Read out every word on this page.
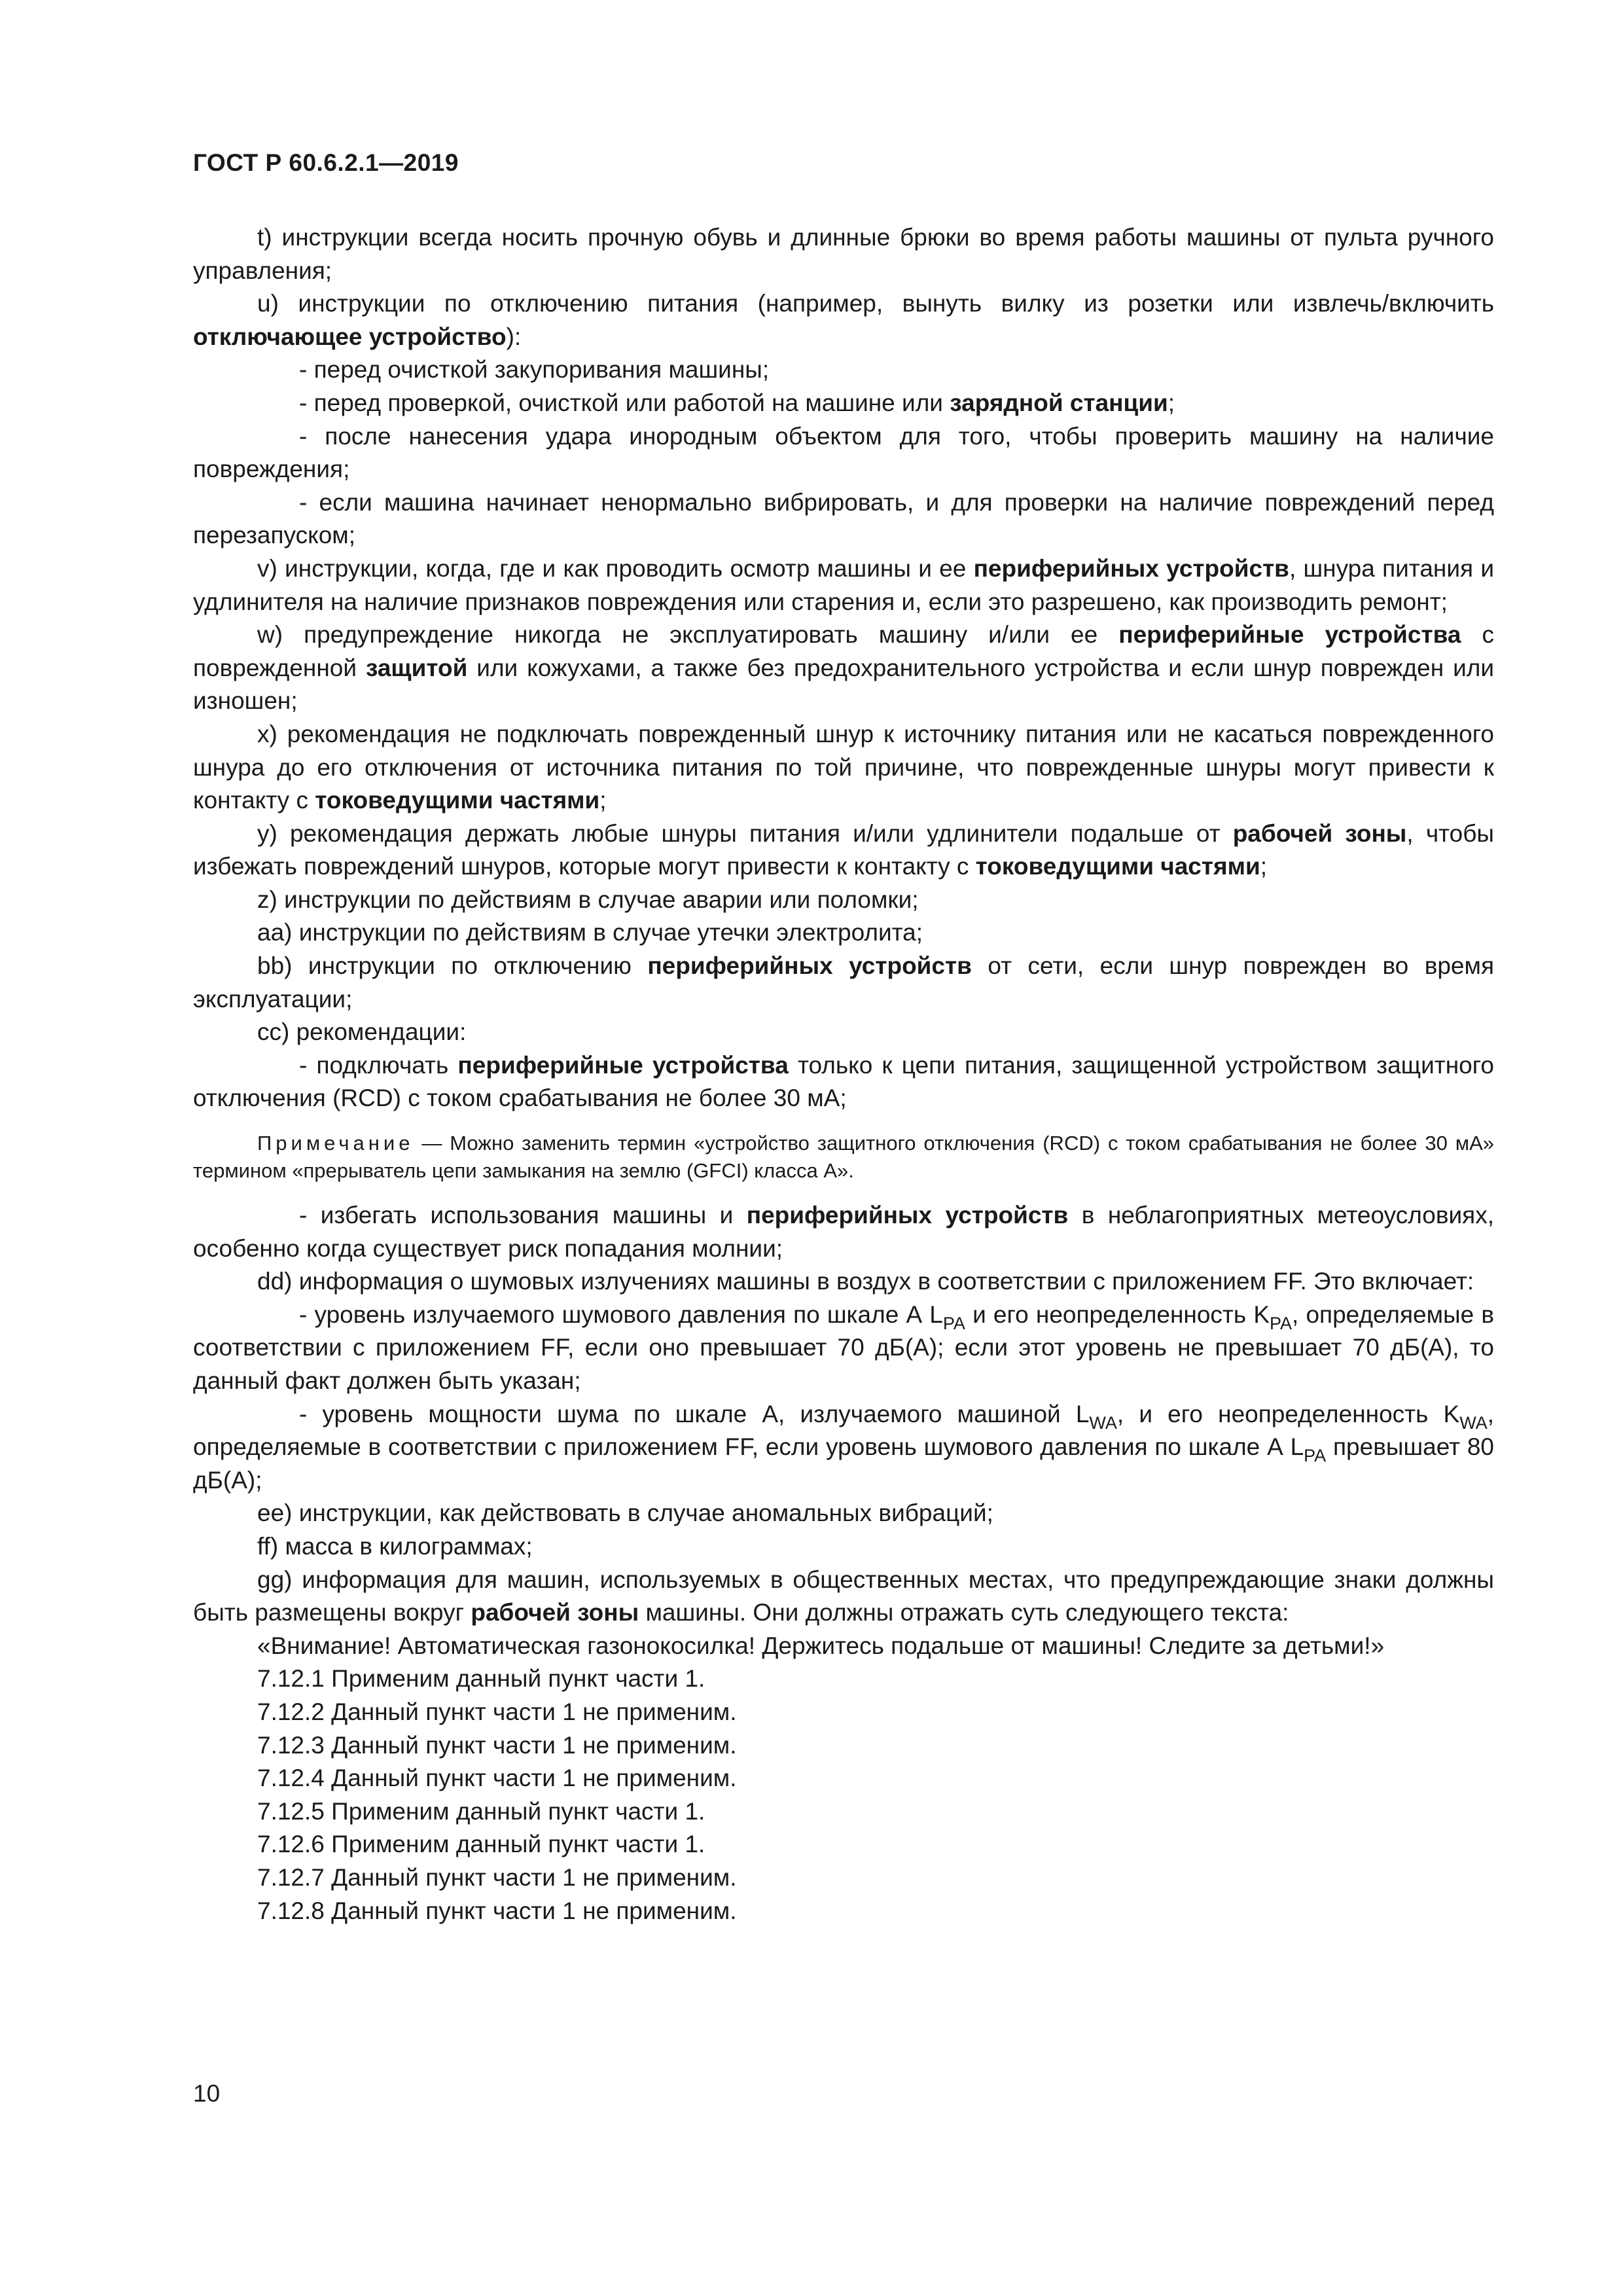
ГОСТ Р 60.6.2.1—2019

t) инструкции всегда носить прочную обувь и длинные брюки во время работы машины от пульта ручного управления;

u) инструкции по отключению питания (например, вынуть вилку из розетки или извлечь/включить отключающее устройство):

- перед очисткой закупоривания машины;

- перед проверкой, очисткой или работой на машине или зарядной станции;

- после нанесения удара инородным объектом для того, чтобы проверить машину на наличие повреждения;

- если машина начинает ненормально вибрировать, и для проверки на наличие повреждений перед перезапуском;

v) инструкции, когда, где и как проводить осмотр машины и ее периферийных устройств, шнура питания и удлинителя на наличие признаков повреждения или старения и, если это разрешено, как производить ремонт;

w) предупреждение никогда не эксплуатировать машину и/или ее периферийные устройства с поврежденной защитой или кожухами, а также без предохранительного устройства и если шнур поврежден или изношен;

x) рекомендация не подключать поврежденный шнур к источнику питания или не касаться поврежденного шнура до его отключения от источника питания по той причине, что поврежденные шнуры могут привести к контакту с токоведущими частями;

y) рекомендация держать любые шнуры питания и/или удлинители подальше от рабочей зоны, чтобы избежать повреждений шнуров, которые могут привести к контакту с токоведущими частями;

z) инструкции по действиям в случае аварии или поломки;

aa) инструкции по действиям в случае утечки электролита;

bb) инструкции по отключению периферийных устройств от сети, если шнур поврежден во время эксплуатации;

cc) рекомендации:

- подключать периферийные устройства только к цепи питания, защищенной устройством защитного отключения (RCD) с током срабатывания не более 30 мА;

Примечание — Можно заменить термин «устройство защитного отключения (RCD) с током срабатывания не более 30 мА» термином «прерыватель цепи замыкания на землю (GFCI) класса А».

- избегать использования машины и периферийных устройств в неблагоприятных метеоусловиях, особенно когда существует риск попадания молнии;

dd) информация о шумовых излучениях машины в воздух в соответствии с приложением FF. Это включает:

- уровень излучаемого шумового давления по шкале А $L_{PA}$ и его неопределенность $K_{PA}$, определяемые в соответствии с приложением FF, если оно превышает 70 дБ(А); если этот уровень не превышает 70 дБ(А), то данный факт должен быть указан;

- уровень мощности шума по шкале А, излучаемого машиной $L_{WA}$, и его неопределенность $K_{WA}$, определяемые в соответствии с приложением FF, если уровень шумового давления по шкале А $L_{PA}$ превышает 80 дБ(А);

ee) инструкции, как действовать в случае аномальных вибраций;

ff) масса в килограммах;

gg) информация для машин, используемых в общественных местах, что предупреждающие знаки должны быть размещены вокруг рабочей зоны машины. Они должны отражать суть следующего текста:

«Внимание! Автоматическая газонокосилка! Держитесь подальше от машины! Следите за детьми!»

7.12.1 Применим данный пункт части 1.

7.12.2 Данный пункт части 1 не применим.

7.12.3 Данный пункт части 1 не применим.

7.12.4 Данный пункт части 1 не применим.

7.12.5 Применим данный пункт части 1.

7.12.6 Применим данный пункт части 1.

7.12.7 Данный пункт части 1 не применим.

7.12.8 Данный пункт части 1 не применим.

10
